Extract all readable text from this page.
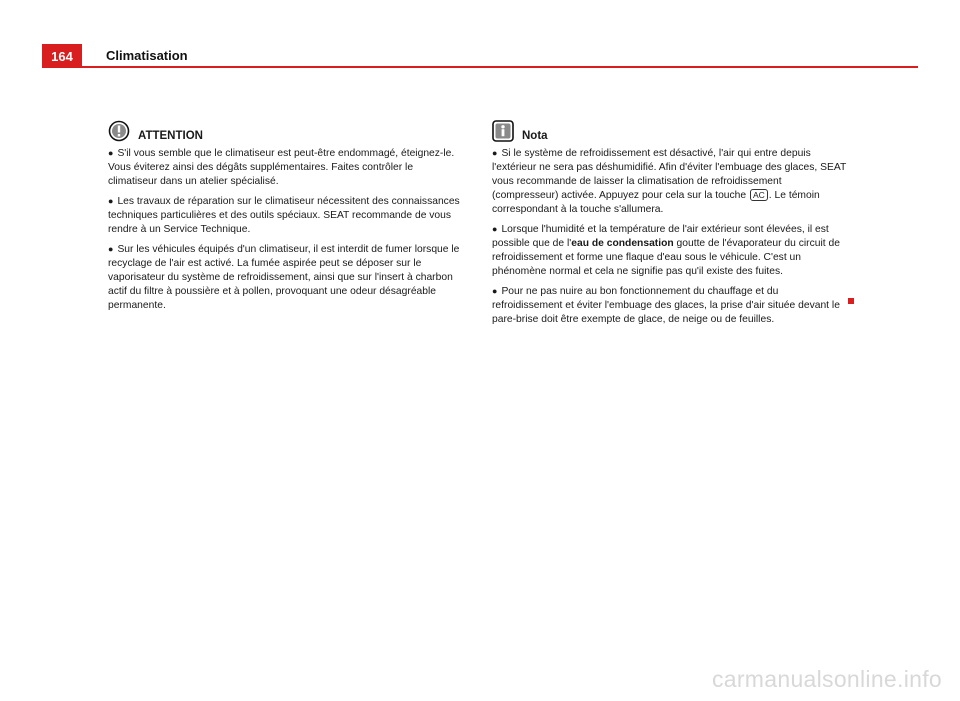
164	Climatisation
ATTENTION
● S'il vous semble que le climatiseur est peut-être endommagé, éteignez-le. Vous éviterez ainsi des dégâts supplémentaires. Faites contrôler le climatiseur dans un atelier spécialisé.
● Les travaux de réparation sur le climatiseur nécessitent des connaissances techniques particulières et des outils spéciaux. SEAT recommande de vous rendre à un Service Technique.
● Sur les véhicules équipés d'un climatiseur, il est interdit de fumer lorsque le recyclage de l'air est activé. La fumée aspirée peut se déposer sur le vaporisateur du système de refroidissement, ainsi que sur l'insert à charbon actif du filtre à poussière et à pollen, provoquant une odeur désagréable permanente.
Nota
● Si le système de refroidissement est désactivé, l'air qui entre depuis l'extérieur ne sera pas déshumidifié. Afin d'éviter l'embuage des glaces, SEAT vous recommande de laisser la climatisation de refroidissement (compresseur) activée. Appuyez pour cela sur la touche AC . Le témoin correspondant à la touche s'allumera.
● Lorsque l'humidité et la température de l'air extérieur sont élevées, il est possible que de l'eau de condensation goutte de l'évaporateur du circuit de refroidissement et forme une flaque d'eau sous le véhicule. C'est un phénomène normal et cela ne signifie pas qu'il existe des fuites.
● Pour ne pas nuire au bon fonctionnement du chauffage et du refroidissement et éviter l'embuage des glaces, la prise d'air située devant le pare-brise doit être exempte de glace, de neige ou de feuilles.
carmanualsonline.info
